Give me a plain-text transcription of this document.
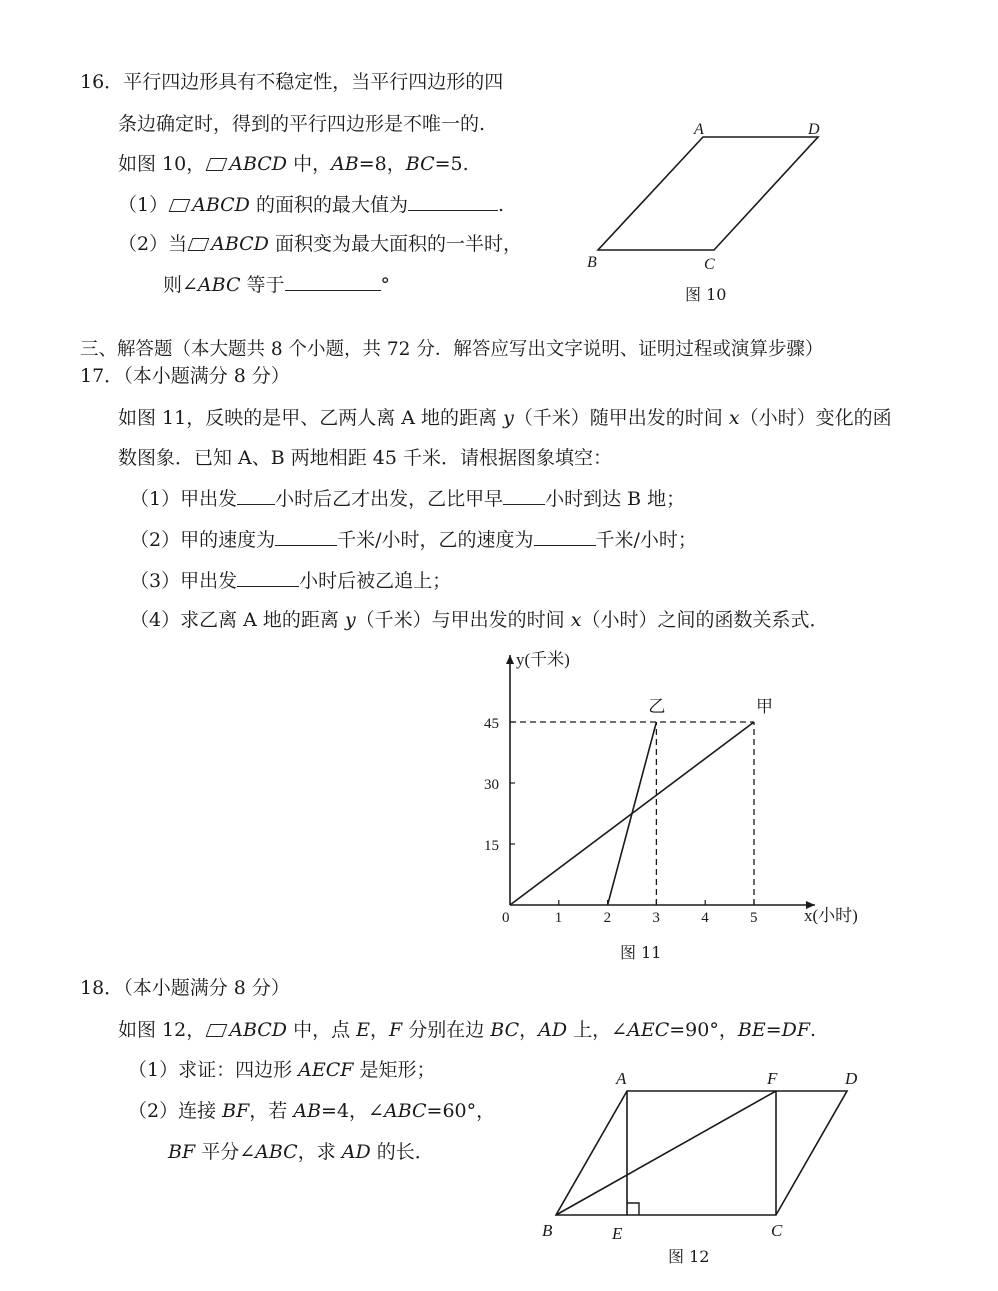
16．平行四边形具有不稳定性，当平行四边形的四
条边确定时，得到的平行四边形是不唯一的.
如图 10， ABCD 中，AB=8，BC=5.
（1） ABCD 的面积的最大值为	.
（2）当 ABCD 面积变为最大面积的一半时，
则∠ABC 等于	°
A	D
B	C
图 10
三、解答题（本大题共 8 个小题，共 72 分．解答应写出文字说明、证明过程或演算步骤）
17．（本小题满分 8 分）
如图 11，反映的是甲、乙两人离 A 地的距离 y（千米）随甲出发的时间 x（小时）变化的函
数图象．已知 A、B 两地相距 45 千米．请根据图象填空：
（1）甲出发 小时后乙才出发，乙比甲早 小时到达 B 地；
（2）甲的速度为	千米/小时，乙的速度为	千米/小时；
（3）甲出发	小时后被乙追上；
（4）求乙离 A 地的距离 y（千米）与甲出发的时间 x（小时）之间的函数关系式．
y(千米)
x(小时)
0	1	2	3	4	5
15
30
45
甲
乙
图 11
18．（本小题满分 8 分）
如图 12， ABCD 中，点 E，F 分别在边 BC，AD 上，∠AEC=90°，BE=DF.
（1）求证：四边形 AECF 是矩形；
（2）连接 BF，若 AB=4，∠ABC=60°，
BF 平分∠ABC，求 AD 的长．
A	F	D
B	E	C
图 12
